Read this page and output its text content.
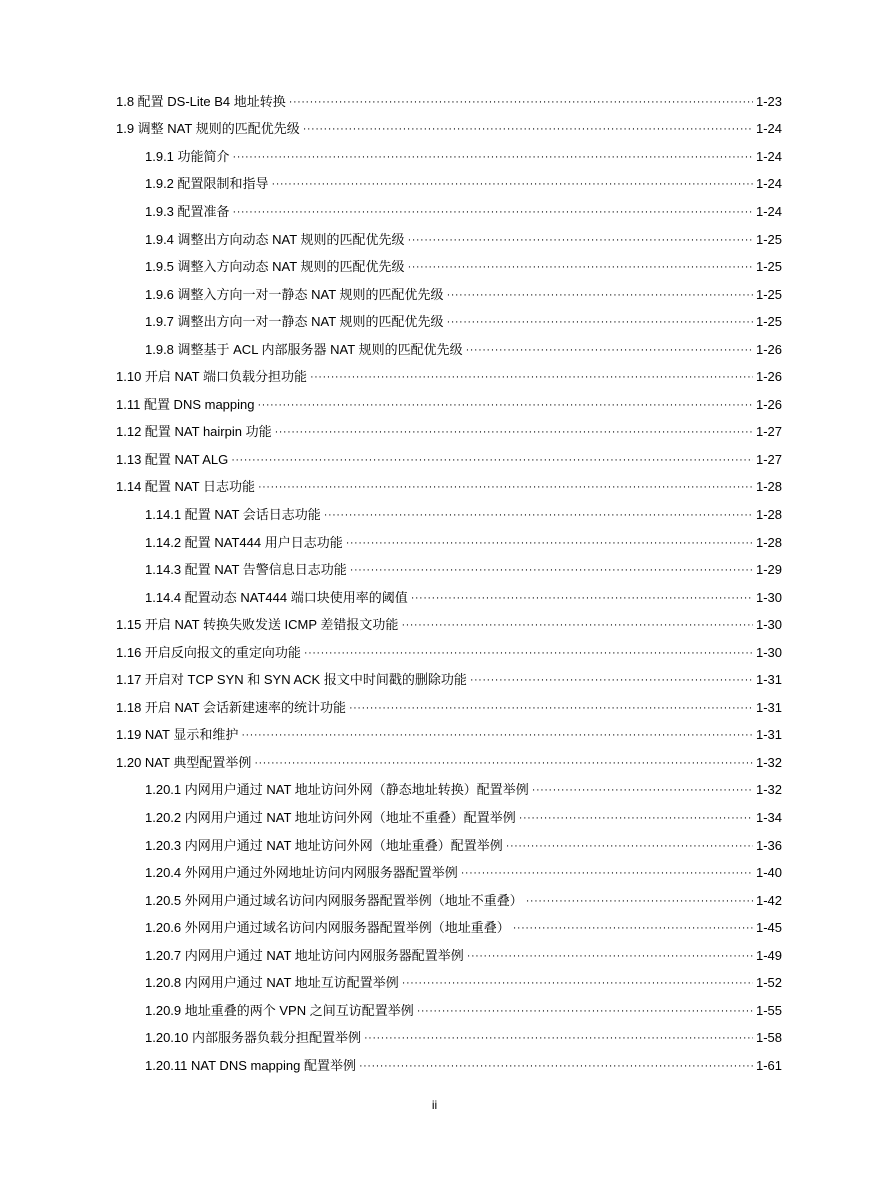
1.8 配置 DS-Lite B4 地址转换 ·····	1-23
1.9 调整 NAT 规则的匹配优先级 ·····	1-24
1.9.1 功能简介 ·····	1-24
1.9.2 配置限制和指导 ·····	1-24
1.9.3 配置准备 ·····	1-24
1.9.4 调整出方向动态 NAT 规则的匹配优先级 ·····	1-25
1.9.5 调整入方向动态 NAT 规则的匹配优先级 ·····	1-25
1.9.6 调整入方向一对一静态 NAT 规则的匹配优先级 ·····	1-25
1.9.7 调整出方向一对一静态 NAT 规则的匹配优先级 ·····	1-25
1.9.8 调整基于 ACL 内部服务器 NAT 规则的匹配优先级 ·····	1-26
1.10 开启 NAT 端口负载分担功能 ·····	1-26
1.11 配置 DNS mapping ·····	1-26
1.12 配置 NAT hairpin 功能 ·····	1-27
1.13 配置 NAT ALG ·····	1-27
1.14 配置 NAT 日志功能 ·····	1-28
1.14.1 配置 NAT 会话日志功能 ·····	1-28
1.14.2 配置 NAT444 用户日志功能 ·····	1-28
1.14.3 配置 NAT 告警信息日志功能 ·····	1-29
1.14.4 配置动态 NAT444 端口块使用率的阈值 ·····	1-30
1.15 开启 NAT 转换失败发送 ICMP 差错报文功能 ·····	1-30
1.16 开启反向报文的重定向功能 ·····	1-30
1.17 开启对 TCP SYN 和 SYN ACK 报文中时间戳的删除功能 ·····	1-31
1.18 开启 NAT 会话新建速率的统计功能 ·····	1-31
1.19 NAT 显示和维护 ·····	1-31
1.20 NAT 典型配置举例 ·····	1-32
1.20.1 内网用户通过 NAT 地址访问外网（静态地址转换）配置举例 ·····	1-32
1.20.2 内网用户通过 NAT 地址访问外网（地址不重叠）配置举例 ·····	1-34
1.20.3 内网用户通过 NAT 地址访问外网（地址重叠）配置举例 ·····	1-36
1.20.4 外网用户通过外网地址访问内网服务器配置举例 ·····	1-40
1.20.5 外网用户通过域名访问内网服务器配置举例（地址不重叠） ·····	1-42
1.20.6 外网用户通过域名访问内网服务器配置举例（地址重叠） ·····	1-45
1.20.7 内网用户通过 NAT 地址访问内网服务器配置举例 ·····	1-49
1.20.8 内网用户通过 NAT 地址互访配置举例 ·····	1-52
1.20.9 地址重叠的两个 VPN 之间互访配置举例 ·····	1-55
1.20.10 内部服务器负载分担配置举例 ·····	1-58
1.20.11 NAT DNS mapping 配置举例 ·····	1-61
ii
